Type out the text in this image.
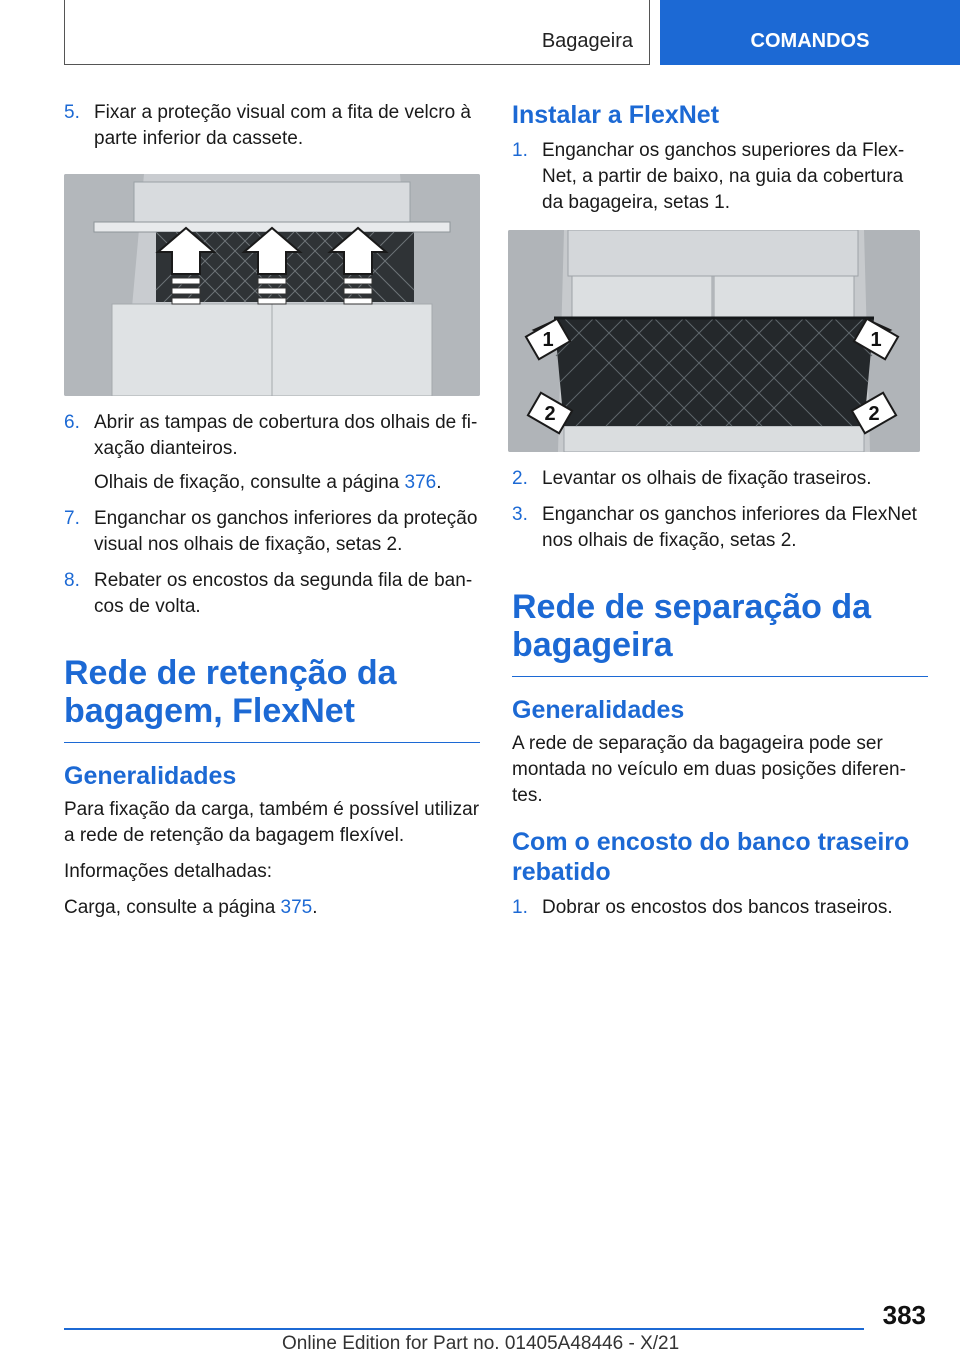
Bagageira	COMANDOS
5. Fixar a proteção visual com a fita de velcro à parte inferior da cassete.
6. Abrir as tampas de cobertura dos olhais de fi‐ xação dianteiros.
Olhais de fixação, consulte a página 376.
7. Enganchar os ganchos inferiores da proteção visual nos olhais de fixação, setas 2.
8. Rebater os encostos da segunda fila de ban‐ cos de volta.
Rede de retenção da
bagagem, FlexNet
Generalidades

Para fixação da carga, também é possível utilizar a rede de retenção da bagagem flexível.

Informações detalhadas:

Carga, consulte a página 375.

Instalar a FlexNet
1. Enganchar os ganchos superiores da Flex‐ Net, a partir de baixo, na guia da cobertura da bagageira, setas 1.
1	1
2	2
2. Levantar os olhais de fixação traseiros.
3. Enganchar os ganchos inferiores da FlexNet nos olhais de fixação, setas 2.
Rede de separação da
bagageira
Generalidades

A rede de separação da bagageira pode ser montada no veículo em duas posições diferen‐ tes.

Com o encosto do banco traseiro
rebatido
1. Dobrar os encostos dos bancos traseiros.
383
Online Edition for Part no. 01405A48446 - X/21
